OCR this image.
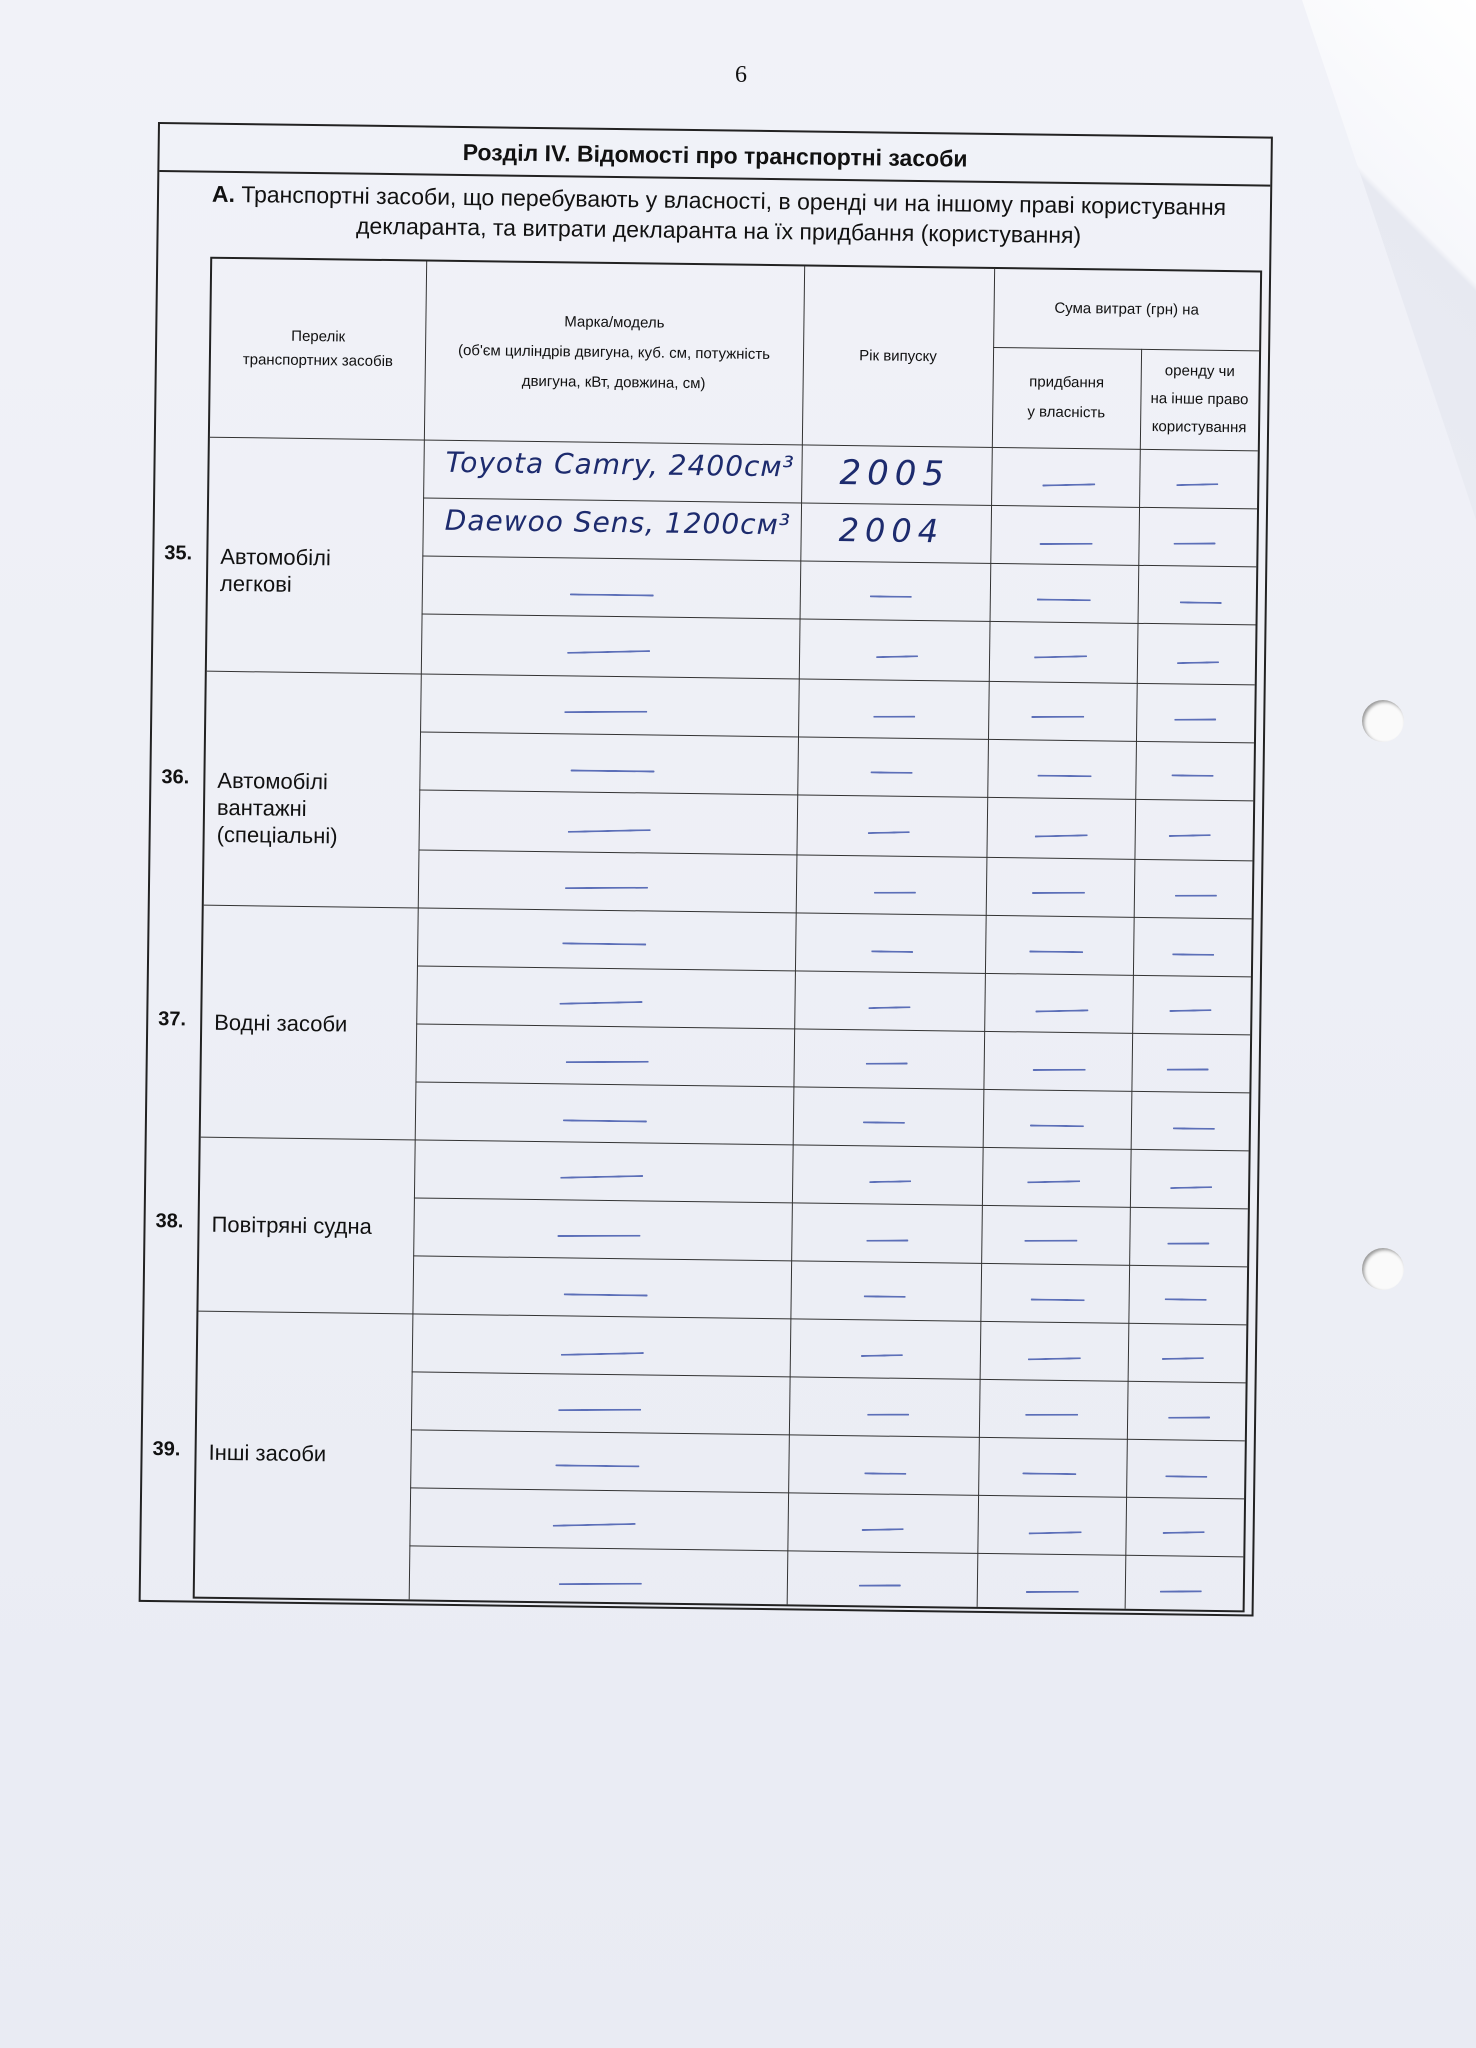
6
Розділ IV. Відомості про транспортні засоби
А. Транспортні засоби, що перебувають у власності, в оренді чи на іншому праві користування
декларанта, та витрати декларанта на їх придбання (користування)
Перелік
транспортних засобів
Марка/модель
(об'єм циліндрів двигуна, куб. см, потужність
двигуна, кВт, довжина, см)
Рік випуску
Сума витрат (грн) на
придбання
у власність
оренду чи
на інше право
користування
35. Автомобілі
легкові
36. Автомобілі
вантажні
(спеціальні)
37. Водні засоби
38. Повітряні судна
39. Інші засоби
Toyota Camry, 2400см³ 2005
Daewoo Sens, 1200см³ 2004
